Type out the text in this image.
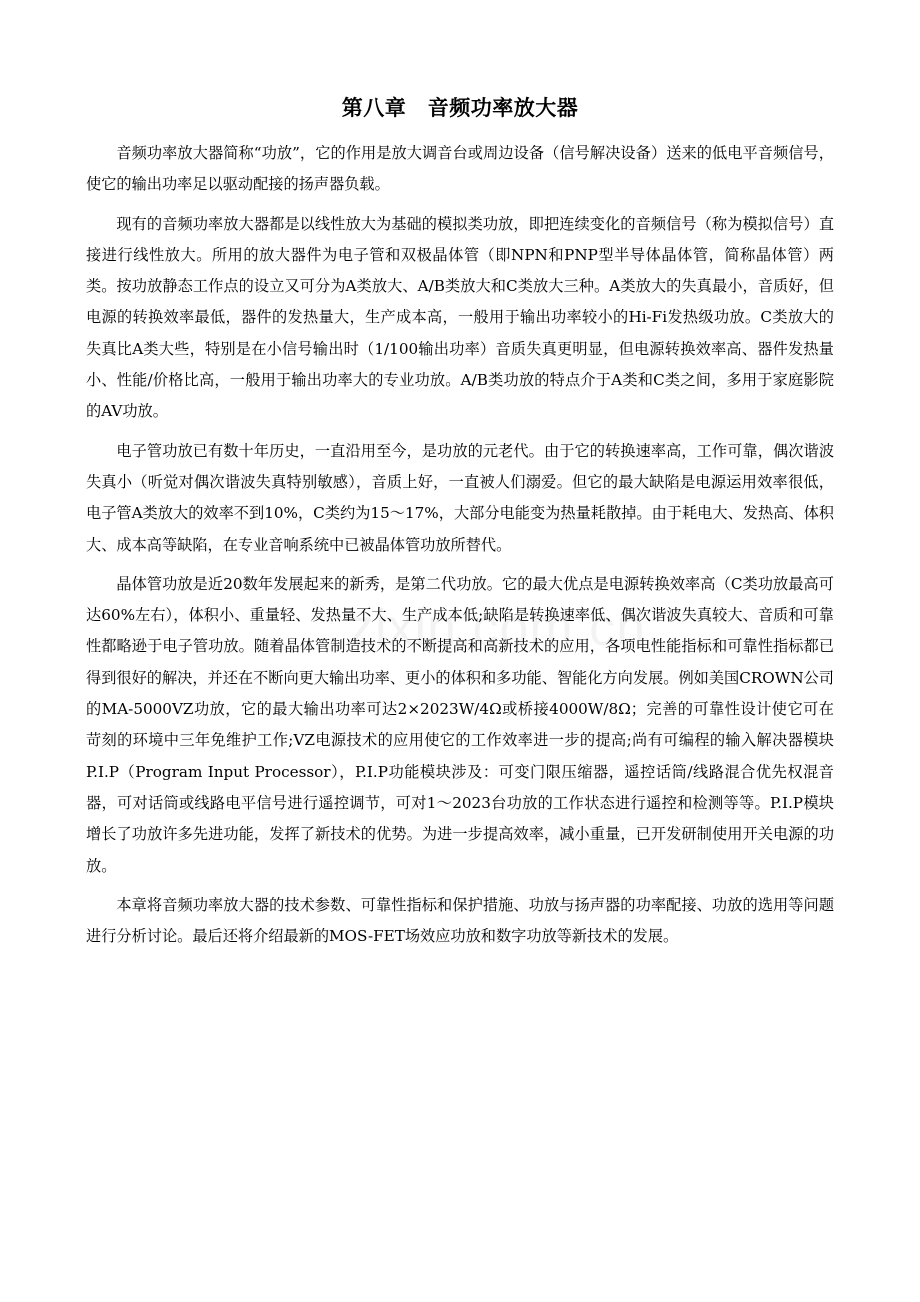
第八章　音频功率放大器

音频功率放大器简称“功放”，它的作用是放大调音台或周边设备（信号解决设备）送来的低电平音频信号，使它的输出功率足以驱动配接的扬声器负载。

现有的音频功率放大器都是以线性放大为基础的模拟类功放，即把连续变化的音频信号（称为模拟信号）直接进行线性放大。所用的放大器件为电子管和双极晶体管（即NPN和PNP型半导体晶体管，简称晶体管）两类。按功放静态工作点的设立又可分为A类放大、A/B类放大和C类放大三种。A类放大的失真最小，音质好，但电源的转换效率最低，器件的发热量大，生产成本高，一般用于输出功率较小的Hi-Fi发热级功放。C类放大的失真比A类大些，特别是在小信号输出时（1/100输出功率）音质失真更明显，但电源转换效率高、器件发热量小、性能/价格比高，一般用于输出功率大的专业功放。A/B类功放的特点介于A类和C类之间，多用于家庭影院的AV功放。

电子管功放已有数十年历史，一直沿用至今，是功放的元老代。由于它的转换速率高，工作可靠，偶次谐波失真小（听觉对偶次谐波失真特别敏感），音质上好，一直被人们溺爱。但它的最大缺陷是电源运用效率很低，电子管A类放大的效率不到10%，C类约为15～17%，大部分电能变为热量耗散掉。由于耗电大、发热高、体积大、成本高等缺陷，在专业音响系统中已被晶体管功放所替代。

晶体管功放是近20数年发展起来的新秀，是第二代功放。它的最大优点是电源转换效率高（C类功放最高可达60%左右），体积小、重量轻、发热量不大、生产成本低;缺陷是转换速率低、偶次谐波失真较大、音质和可靠性都略逊于电子管功放。随着晶体管制造技术的不断提高和高新技术的应用，各项电性能指标和可靠性指标都已得到很好的解决，并还在不断向更大输出功率、更小的体积和多功能、智能化方向发展。例如美国CROWN公司的MA-5000VZ功放，它的最大输出功率可达2×2023W/4Ω或桥接4000W/8Ω；完善的可靠性设计使它可在苛刻的环境中三年免维护工作;VZ电源技术的应用使它的工作效率进一步的提高;尚有可编程的输入解决器模块P.I.P（Program Input Processor），P.I.P功能模块涉及：可变门限压缩器，遥控话筒/线路混合优先权混音器，可对话筒或线路电平信号进行遥控调节，可对1～2023台功放的工作状态进行遥控和检测等等。P.I.P模块增长了功放许多先进功能，发挥了新技术的优势。为进一步提高效率，减小重量，已开发研制使用开关电源的功放。

本章将音频功率放大器的技术参数、可靠性指标和保护措施、功放与扬声器的功率配接、功放的选用等问题进行分析讨论。最后还将介绍最新的MOS-FET场效应功放和数字功放等新技术的发展。
